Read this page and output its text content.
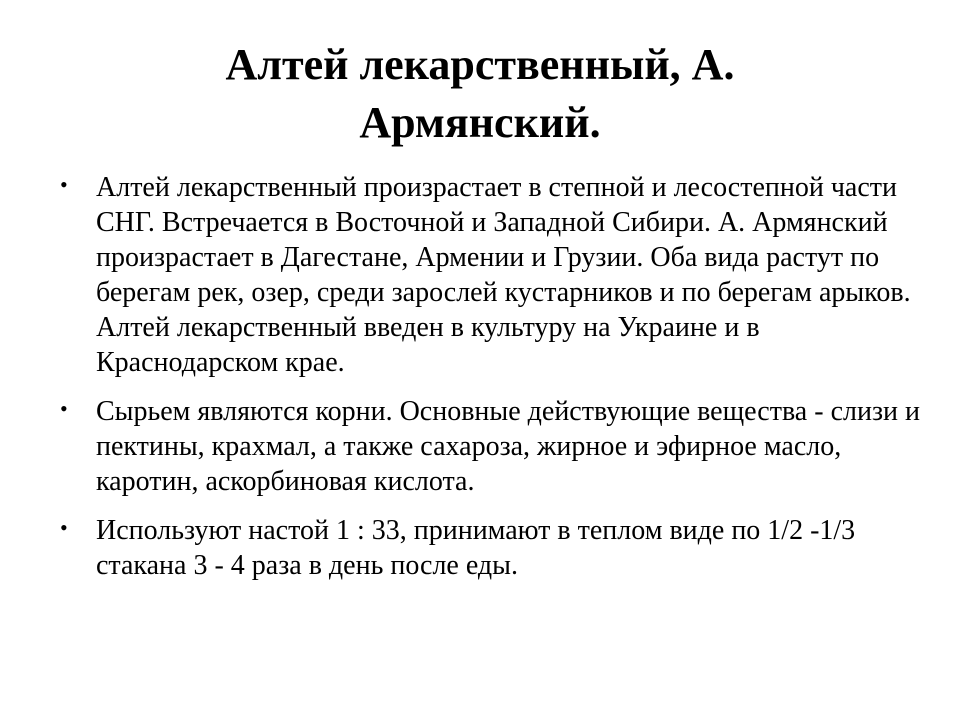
Алтей лекарственный, А.
Армянский.
• Алтей лекарственный произрастает в степной и лесостепной части СНГ. Встречается в Восточной и Западной Сибири. А. Армянский произрастает в Дагестане, Армении и Грузии. Оба вида растут по берегам рек, озер, среди зарослей кустарников и по берегам арыков. Алтей лекарственный введен в культуру на Украине и в Краснодарском крае.
• Сырьем являются корни. Основные действующие вещества - слизи и пектины, крахмал, а также сахароза, жирное и эфирное масло, каротин, аскорбиновая кислота.
• Используют настой 1 : 33, принимают в теплом виде по 1/2 -1/3 стакана 3 - 4 раза в день после еды.
